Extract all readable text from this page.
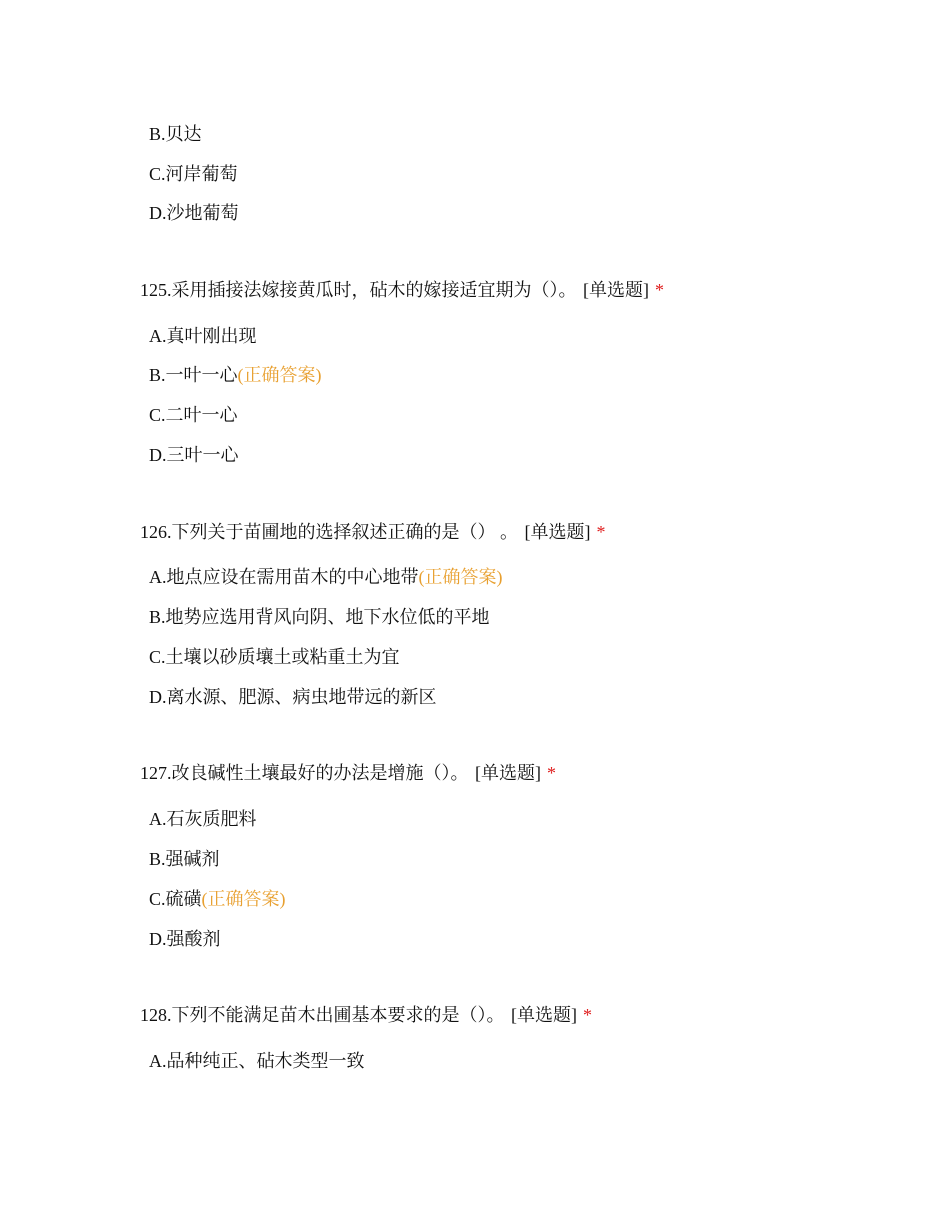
B.贝达
C.河岸葡萄
D.沙地葡萄
125.采用插接法嫁接黄瓜时，砧木的嫁接适宜期为（）。 [单选题] *
A.真叶刚出现
B.一叶一心(正确答案)
C.二叶一心
D.三叶一心
126.下列关于苗圃地的选择叙述正确的是（） 。 [单选题] *
A.地点应设在需用苗木的中心地带(正确答案)
B.地势应选用背风向阴、地下水位低的平地
C.土壤以砂质壤土或粘重土为宜
D.离水源、肥源、病虫地带远的新区
127.改良碱性土壤最好的办法是增施（）。 [单选题] *
A.石灰质肥料
B.强碱剂
C.硫磺(正确答案)
D.强酸剂
128.下列不能满足苗木出圃基本要求的是（）。 [单选题] *
A.品种纯正、砧木类型一致
